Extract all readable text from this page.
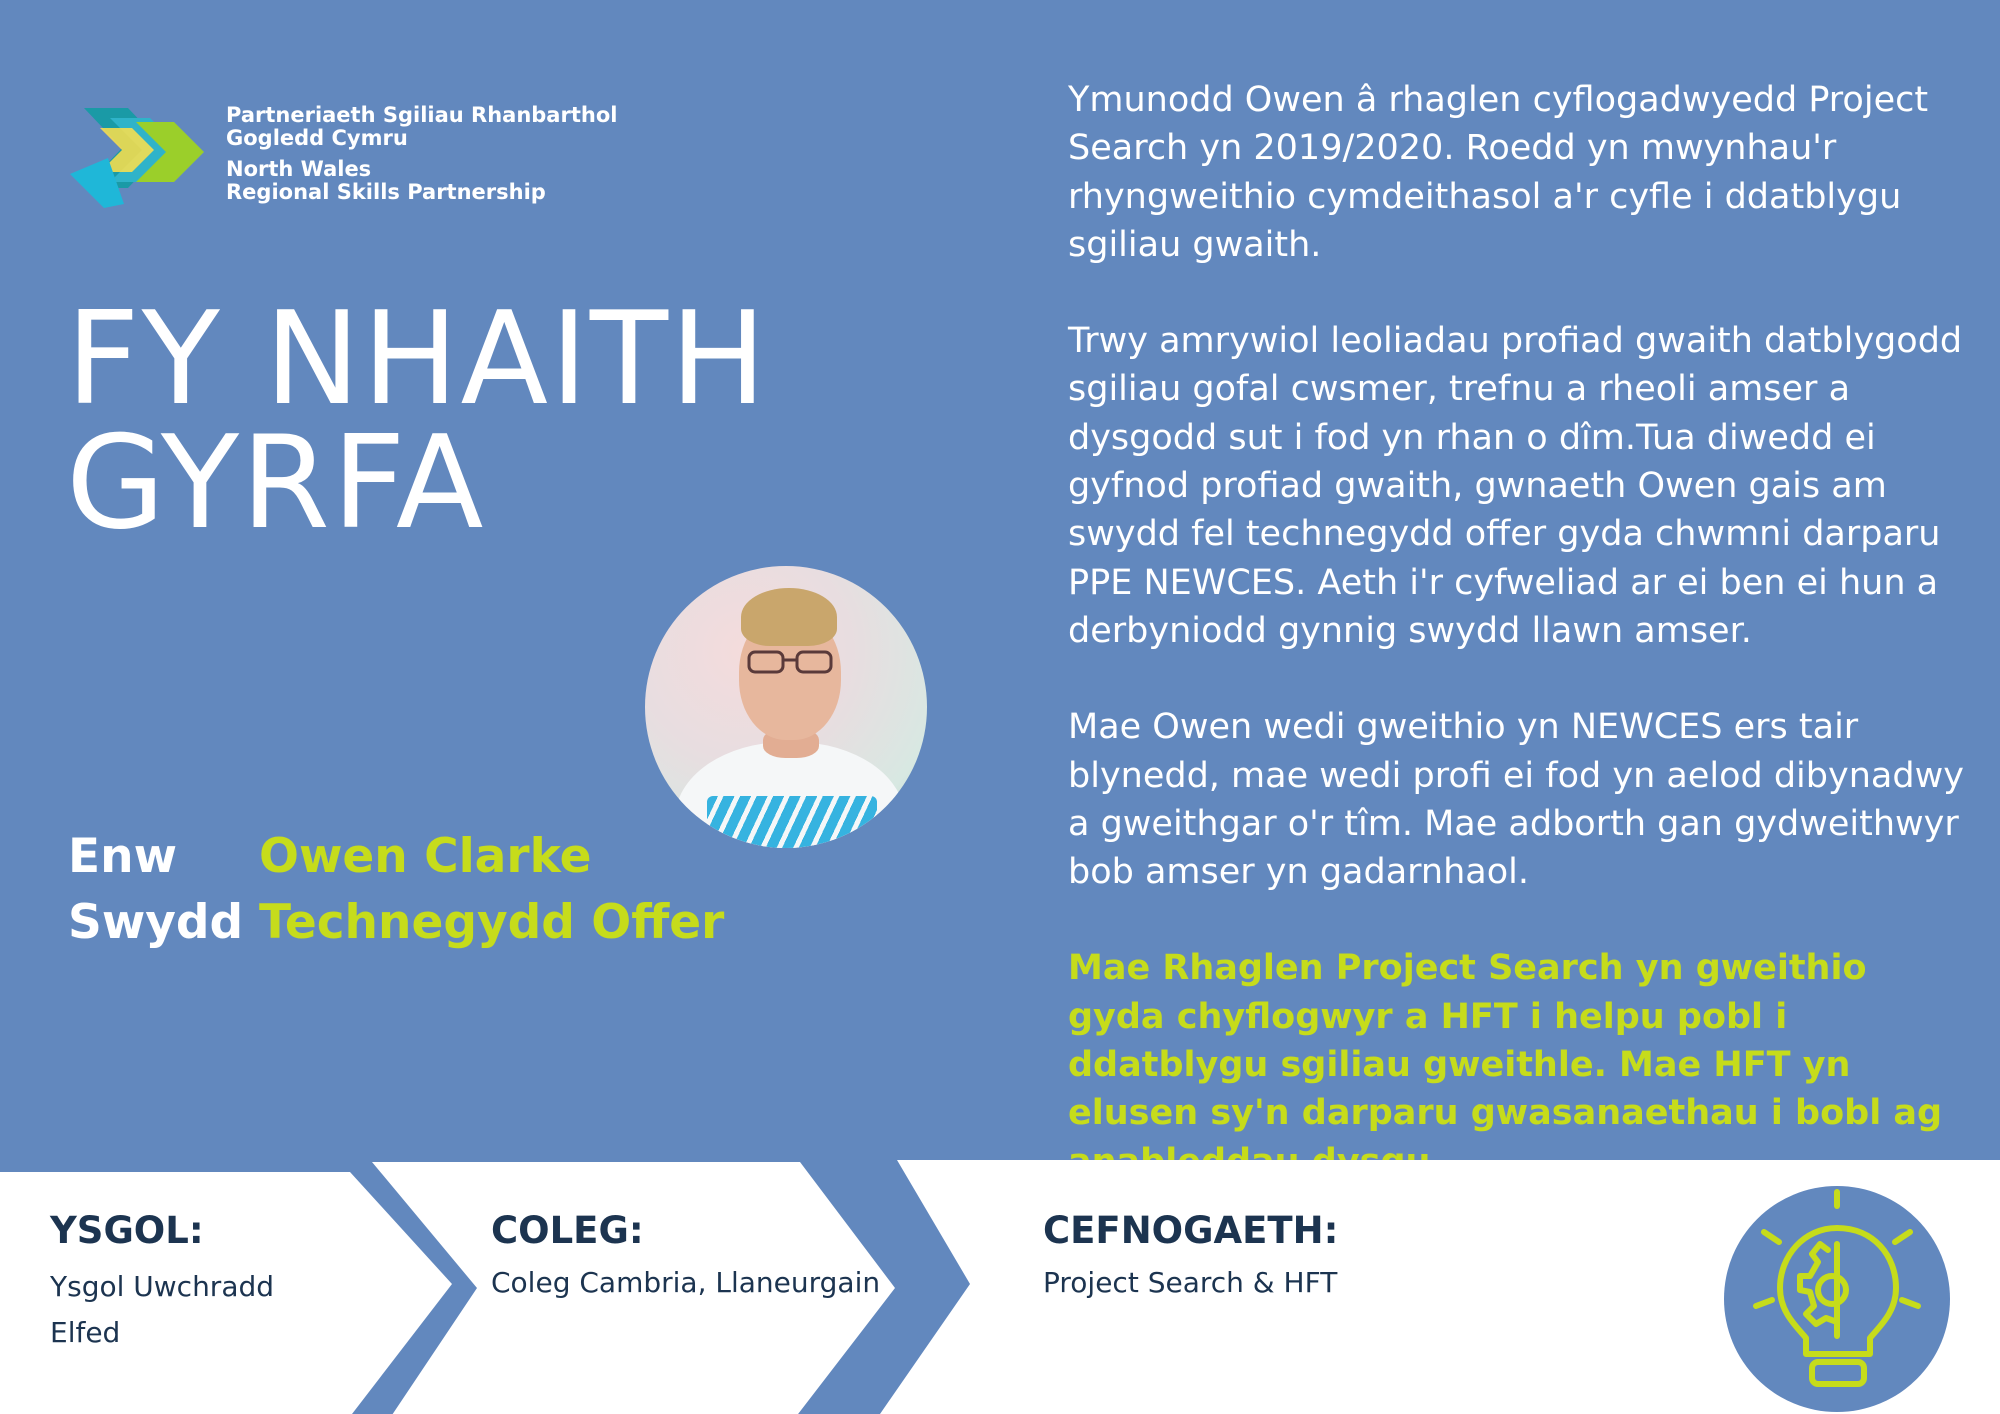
Partneriaeth Sgiliau Rhanbarthol
Gogledd Cymru
North Wales
Regional Skills Partnership
FY NHAITH
GYRFA

Enw Owen Clarke

Swydd Technegydd Offer

Ymunodd Owen â rhaglen cyflogadwyedd Project Search yn 2019/2020. Roedd yn mwynhau'r rhyngweithio cymdeithasol a'r cyfle i ddatblygu sgiliau gwaith.

Trwy amrywiol leoliadau profiad gwaith datblygodd sgiliau gofal cwsmer, trefnu a rheoli amser a dysgodd sut i fod yn rhan o dîm.Tua diwedd ei gyfnod profiad gwaith, gwnaeth Owen gais am swydd fel technegydd offer gyda chwmni darparu PPE NEWCES. Aeth i'r cyfweliad ar ei ben ei hun a derbyniodd gynnig swydd llawn amser.

Mae Owen wedi gweithio yn NEWCES ers tair blynedd, mae wedi profi ei fod yn aelod dibynadwy a gweithgar o'r tîm. Mae adborth gan gydweithwyr bob amser yn gadarnhaol.

Mae Rhaglen Project Search yn gweithio gyda chyflogwyr a HFT i helpu pobl i ddatblygu sgiliau gweithle. Mae HFT yn elusen sy'n darparu gwasanaethau i bobl ag

YSGOL:

Ysgol Uwchradd

Elfed

COLEG:

Coleg Cambria, Llaneurgain

CEFNOGAETH:

Project Search & HFT
